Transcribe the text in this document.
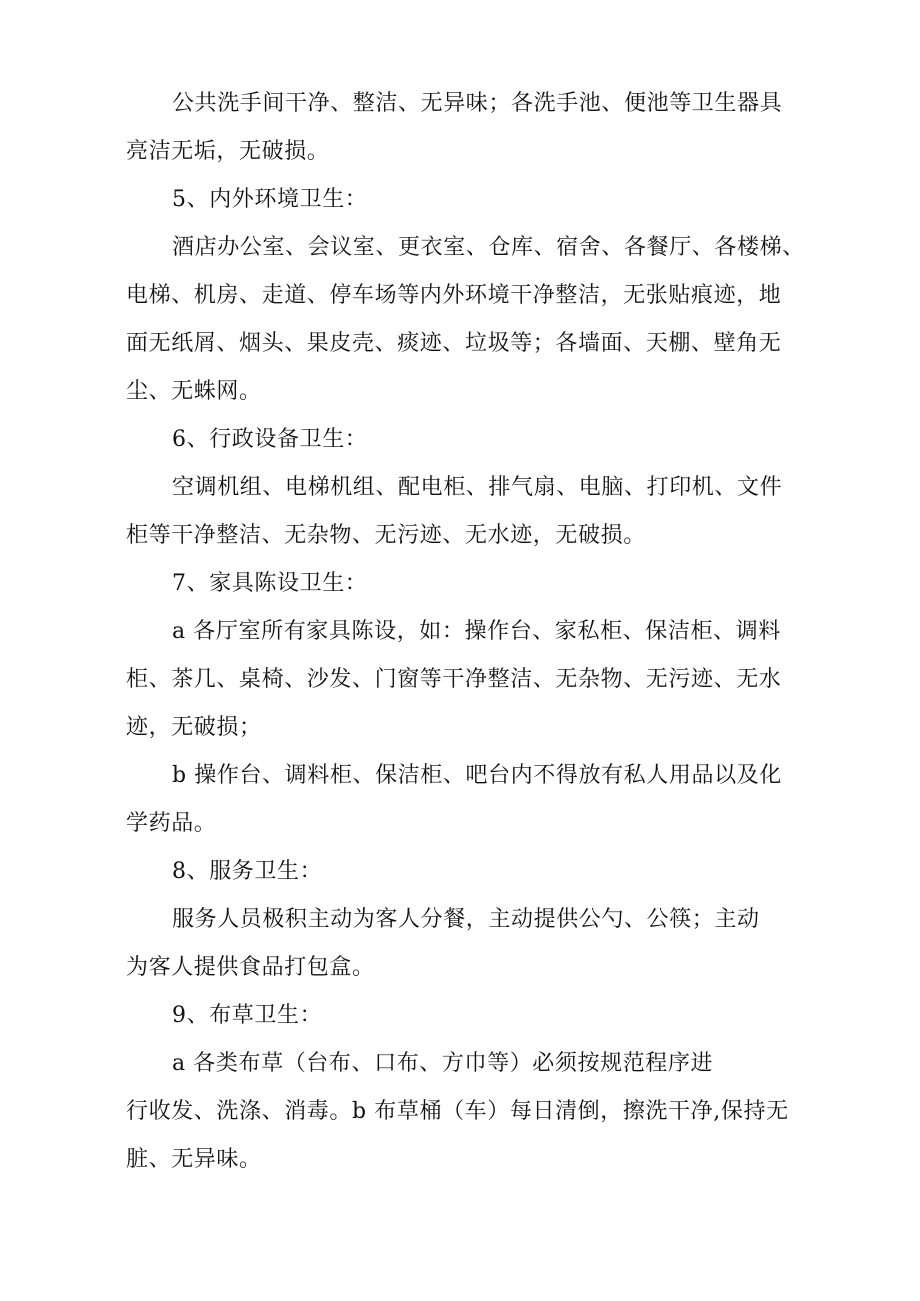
公共洗手间干净、整洁、无异味；各洗手池、便池等卫生器具
亮洁无垢，无破损。
5、内外环境卫生：
酒店办公室、会议室、更衣室、仓库、宿舍、各餐厅、各楼梯、
电梯、机房、走道、停车场等内外环境干净整洁，无张贴痕迹，地
面无纸屑、烟头、果皮壳、痰迹、垃圾等；各墙面、天棚、壁角无
尘、无蛛网。
6、行政设备卫生：
空调机组、电梯机组、配电柜、排气扇、电脑、打印机、文件
柜等干净整洁、无杂物、无污迹、无水迹，无破损。
7、家具陈设卫生：
a 各厅室所有家具陈设，如：操作台、家私柜、保洁柜、调料
柜、茶几、桌椅、沙发、门窗等干净整洁、无杂物、无污迹、无水
迹，无破损；
b 操作台、调料柜、保洁柜、吧台内不得放有私人用品以及化
学药品。
8、服务卫生：
服务人员极积主动为客人分餐，主动提供公勺、公筷；主动
为客人提供食品打包盒。
9、布草卫生：
a 各类布草（台布、口布、方巾等）必须按规范程序进
行收发、洗涤、消毒。b 布草桶（车）每日清倒，擦洗干净,保持无
脏、无异味。
